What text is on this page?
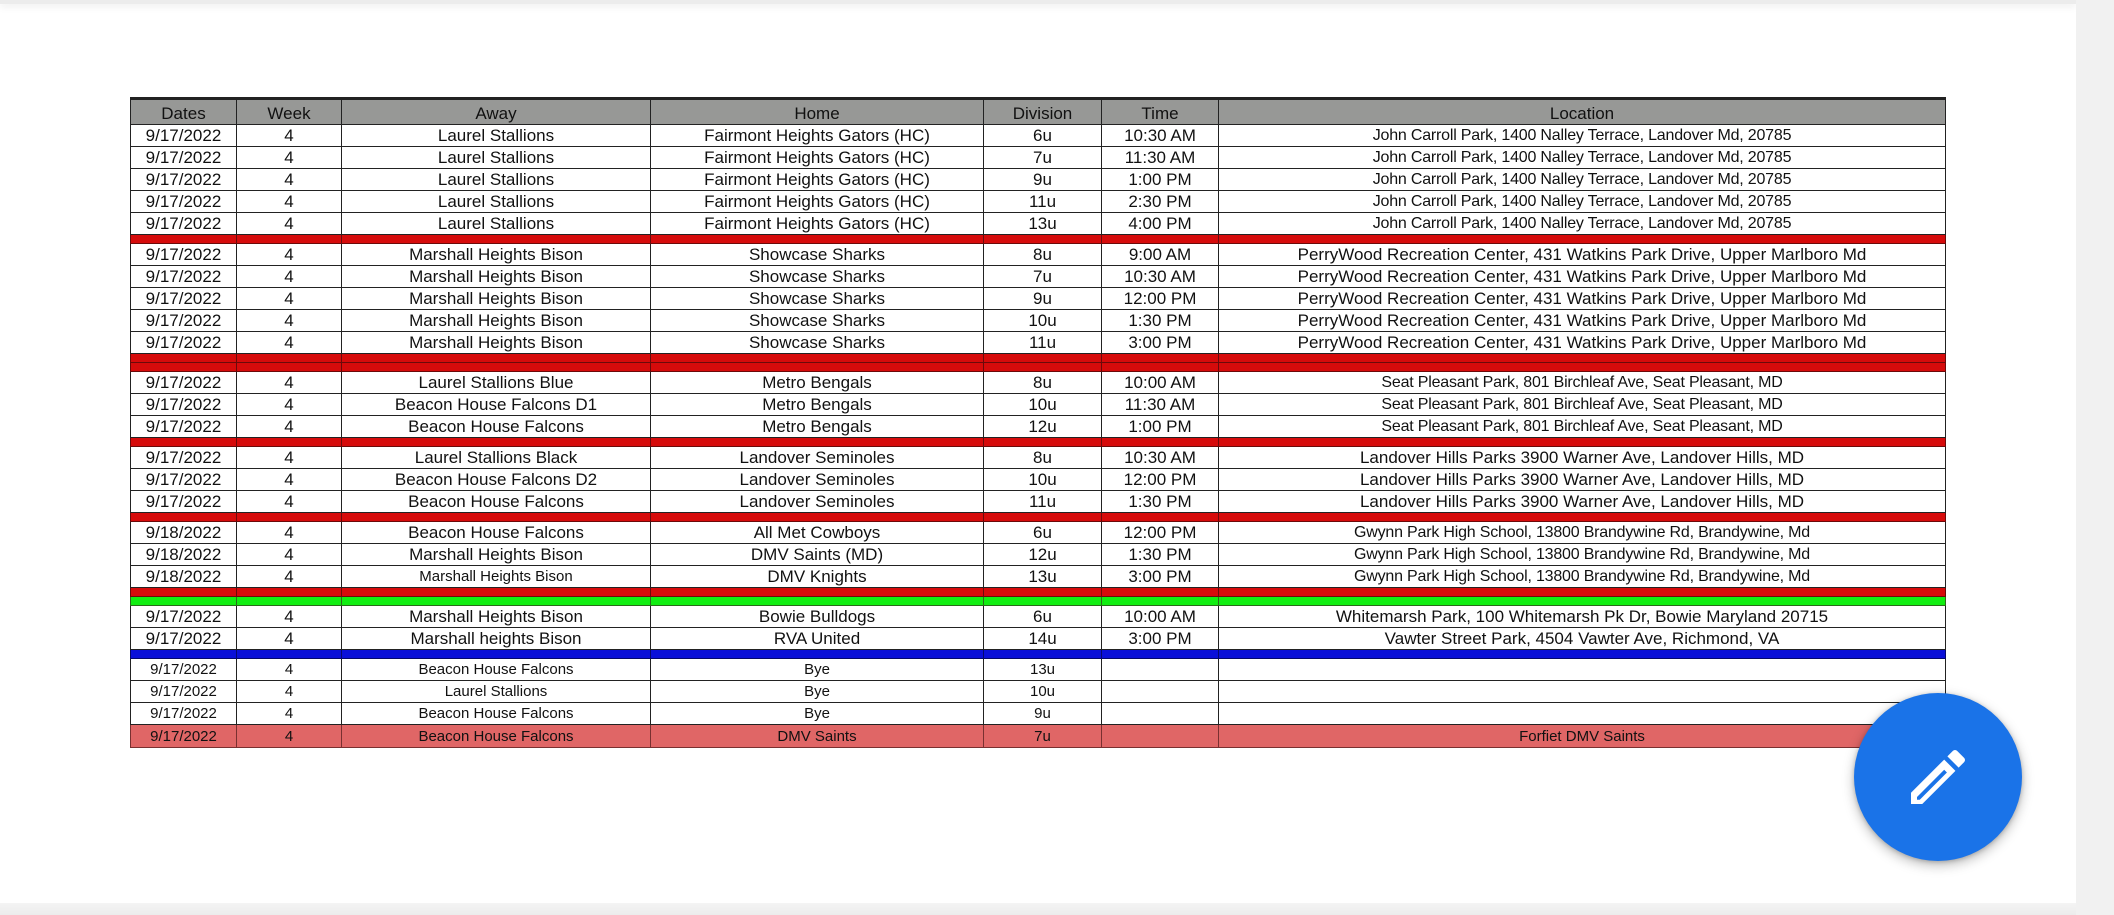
Dates	Week	Away	Home	Division	Time	Location
9/17/2022	4	Laurel Stallions	Fairmont Heights Gators (HC)	6u	10:30 AM	John Carroll Park, 1400 Nalley Terrace, Landover Md, 20785
9/17/2022	4	Laurel Stallions	Fairmont Heights Gators (HC)	7u	11:30 AM	John Carroll Park, 1400 Nalley Terrace, Landover Md, 20785
9/17/2022	4	Laurel Stallions	Fairmont Heights Gators (HC)	9u	1:00 PM	John Carroll Park, 1400 Nalley Terrace, Landover Md, 20785
9/17/2022	4	Laurel Stallions	Fairmont Heights Gators (HC)	11u	2:30 PM	John Carroll Park, 1400 Nalley Terrace, Landover Md, 20785
9/17/2022	4	Laurel Stallions	Fairmont Heights Gators (HC)	13u	4:00 PM	John Carroll Park, 1400 Nalley Terrace, Landover Md, 20785

9/17/2022	4	Marshall Heights Bison	Showcase Sharks	8u	9:00 AM	PerryWood Recreation Center, 431 Watkins Park Drive, Upper Marlboro Md
9/17/2022	4	Marshall Heights Bison	Showcase Sharks	7u	10:30 AM	PerryWood Recreation Center, 431 Watkins Park Drive, Upper Marlboro Md
9/17/2022	4	Marshall Heights Bison	Showcase Sharks	9u	12:00 PM	PerryWood Recreation Center, 431 Watkins Park Drive, Upper Marlboro Md
9/17/2022	4	Marshall Heights Bison	Showcase Sharks	10u	1:30 PM	PerryWood Recreation Center, 431 Watkins Park Drive, Upper Marlboro Md
9/17/2022	4	Marshall Heights Bison	Showcase Sharks	11u	3:00 PM	PerryWood Recreation Center, 431 Watkins Park Drive, Upper Marlboro Md

9/17/2022	4	Laurel Stallions Blue	Metro Bengals	8u	10:00 AM	Seat Pleasant Park, 801 Birchleaf Ave, Seat Pleasant, MD
9/17/2022	4	Beacon House Falcons D1	Metro Bengals	10u	11:30 AM	Seat Pleasant Park, 801 Birchleaf Ave, Seat Pleasant, MD
9/17/2022	4	Beacon House Falcons	Metro Bengals	12u	1:00 PM	Seat Pleasant Park, 801 Birchleaf Ave, Seat Pleasant, MD

9/17/2022	4	Laurel Stallions Black	Landover Seminoles	8u	10:30 AM	Landover Hills Parks 3900 Warner Ave, Landover Hills, MD
9/17/2022	4	Beacon House Falcons D2	Landover Seminoles	10u	12:00 PM	Landover Hills Parks 3900 Warner Ave, Landover Hills, MD
9/17/2022	4	Beacon House Falcons	Landover Seminoles	11u	1:30 PM	Landover Hills Parks 3900 Warner Ave, Landover Hills, MD

9/18/2022	4	Beacon House Falcons	All Met Cowboys	6u	12:00 PM	Gwynn Park High School, 13800 Brandywine Rd, Brandywine, Md
9/18/2022	4	Marshall Heights Bison	DMV Saints (MD)	12u	1:30 PM	Gwynn Park High School, 13800 Brandywine Rd, Brandywine, Md
9/18/2022	4	Marshall Heights Bison	DMV Knights	13u	3:00 PM	Gwynn Park High School, 13800 Brandywine Rd, Brandywine, Md

9/17/2022	4	Marshall Heights Bison	Bowie Bulldogs	6u	10:00 AM	Whitemarsh Park, 100 Whitemarsh Pk Dr, Bowie Maryland 20715
9/17/2022	4	Marshall heights Bison	RVA United	14u	3:00 PM	Vawter Street Park, 4504 Vawter Ave, Richmond, VA

9/17/2022	4	Beacon House Falcons	Bye	13u		
9/17/2022	4	Laurel Stallions	Bye	10u		
9/17/2022	4	Beacon House Falcons	Bye	9u		
9/17/2022	4	Beacon House Falcons	DMV Saints	7u		Forfiet DMV Saints
